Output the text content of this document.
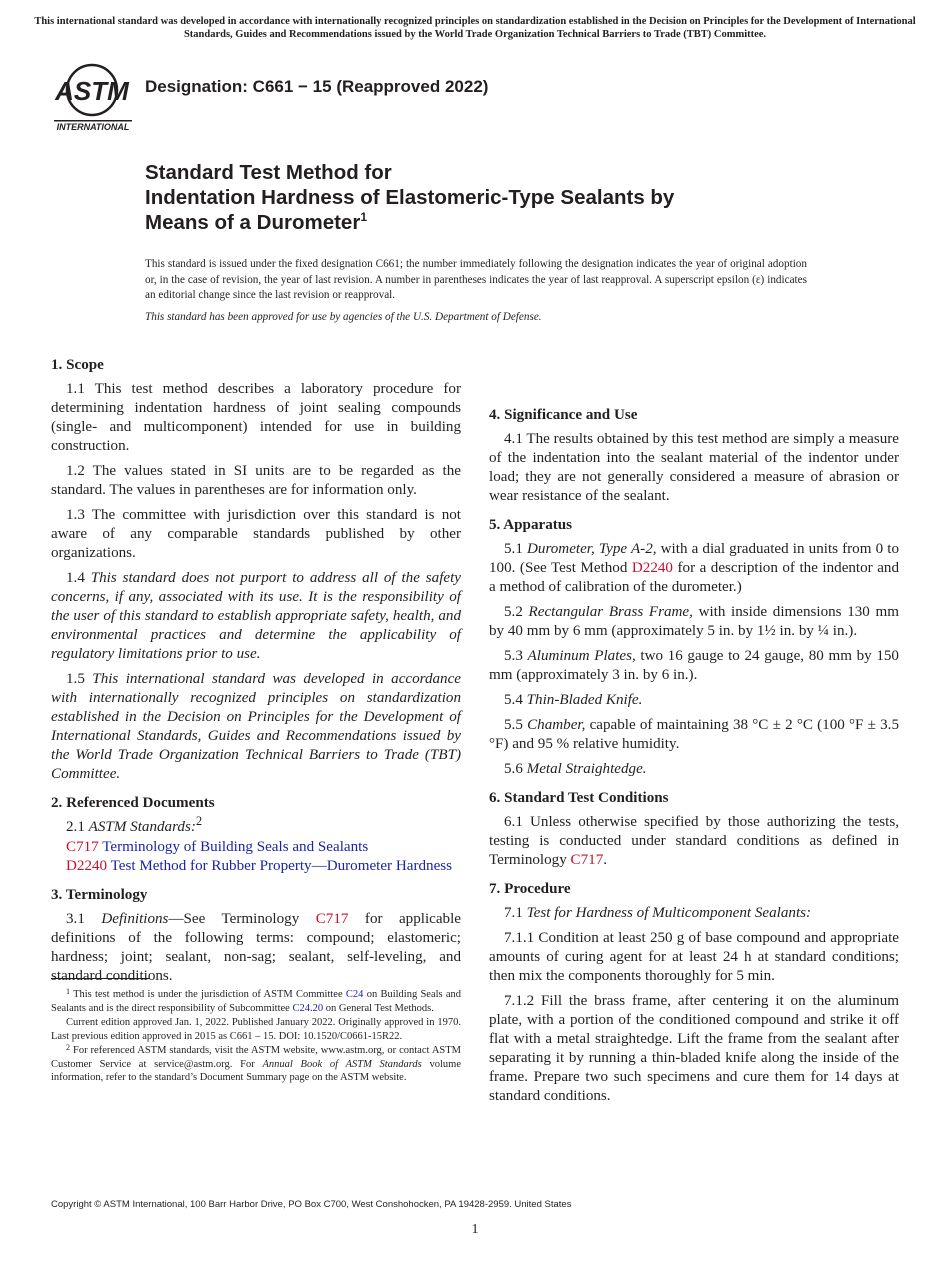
This international standard was developed in accordance with internationally recognized principles on standardization established in the Decision on Principles for the Development of International Standards, Guides and Recommendations issued by the World Trade Organization Technical Barriers to Trade (TBT) Committee.
ASTM
INTERNATIONAL
Designation: C661 − 15 (Reapproved 2022)
Standard Test Method for
Indentation Hardness of Elastomeric-Type Sealants by
Means of a Durometer$^1$
This standard is issued under the fixed designation C661; the number immediately following the designation indicates the year of original adoption or, in the case of revision, the year of last revision. A number in parentheses indicates the year of last reapproval. A superscript epsilon (ε) indicates an editorial change since the last revision or reapproval.
This standard has been approved for use by agencies of the U.S. Department of Defense.
1. Scope

1.1 This test method describes a laboratory procedure for determining indentation hardness of joint sealing compounds (single- and multicomponent) intended for use in building construction.

1.2 The values stated in SI units are to be regarded as the standard. The values in parentheses are for information only.

1.3 The committee with jurisdiction over this standard is not aware of any comparable standards published by other organizations.

1.4 This standard does not purport to address all of the safety concerns, if any, associated with its use. It is the responsibility of the user of this standard to establish appropriate safety, health, and environmental practices and determine the applicability of regulatory limitations prior to use.

1.5 This international standard was developed in accordance with internationally recognized principles on standardization established in the Decision on Principles for the Development of International Standards, Guides and Recommendations issued by the World Trade Organization Technical Barriers to Trade (TBT) Committee.

2. Referenced Documents

2.1 ASTM Standards:$^2$

C717 Terminology of Building Seals and Sealants

D2240 Test Method for Rubber Property—Durometer Hardness

3. Terminology

3.1 Definitions—See Terminology C717 for applicable definitions of the following terms: compound; elastomeric; hardness; joint; sealant, non-sag; sealant, self-leveling, and standard conditions.

4. Significance and Use

4.1 The results obtained by this test method are simply a measure of the indentation into the sealant material of the indentor under load; they are not generally considered a measure of abrasion or wear resistance of the sealant.

5. Apparatus

5.1 Durometer, Type A-2, with a dial graduated in units from 0 to 100. (See Test Method D2240 for a description of the indentor and a method of calibration of the durometer.)

5.2 Rectangular Brass Frame, with inside dimensions 130 mm by 40 mm by 6 mm (approximately 5 in. by 1½ in. by ¼ in.).

5.3 Aluminum Plates, two 16 gauge to 24 gauge, 80 mm by 150 mm (approximately 3 in. by 6 in.).

5.4 Thin-Bladed Knife.

5.5 Chamber, capable of maintaining 38 °C ± 2 °C (100 °F ± 3.5 °F) and 95 % relative humidity.

5.6 Metal Straightedge.

6. Standard Test Conditions

6.1 Unless otherwise specified by those authorizing the tests, testing is conducted under standard conditions as defined in Terminology C717.

7. Procedure

7.1 Test for Hardness of Multicomponent Sealants:

7.1.1 Condition at least 250 g of base compound and appropriate amounts of curing agent for at least 24 h at standard conditions; then mix the components thoroughly for 5 min.

7.1.2 Fill the brass frame, after centering it on the aluminum plate, with a portion of the conditioned compound and strike it off flat with a metal straightedge. Lift the frame from the sealant after separating it by running a thin-bladed knife along the inside of the frame. Prepare two such specimens and cure them for 14 days at standard conditions.

$^1$ This test method is under the jurisdiction of ASTM Committee C24 on Building Seals and Sealants and is the direct responsibility of Subcommittee C24.20 on General Test Methods.

Current edition approved Jan. 1, 2022. Published January 2022. Originally approved in 1970. Last previous edition approved in 2015 as C661 – 15. DOI: 10.1520/C0661-15R22.

$^2$ For referenced ASTM standards, visit the ASTM website, www.astm.org, or contact ASTM Customer Service at service@astm.org. For Annual Book of ASTM Standards volume information, refer to the standard’s Document Summary page on the ASTM website.

Copyright © ASTM International, 100 Barr Harbor Drive, PO Box C700, West Conshohocken, PA 19428-2959. United States
1
